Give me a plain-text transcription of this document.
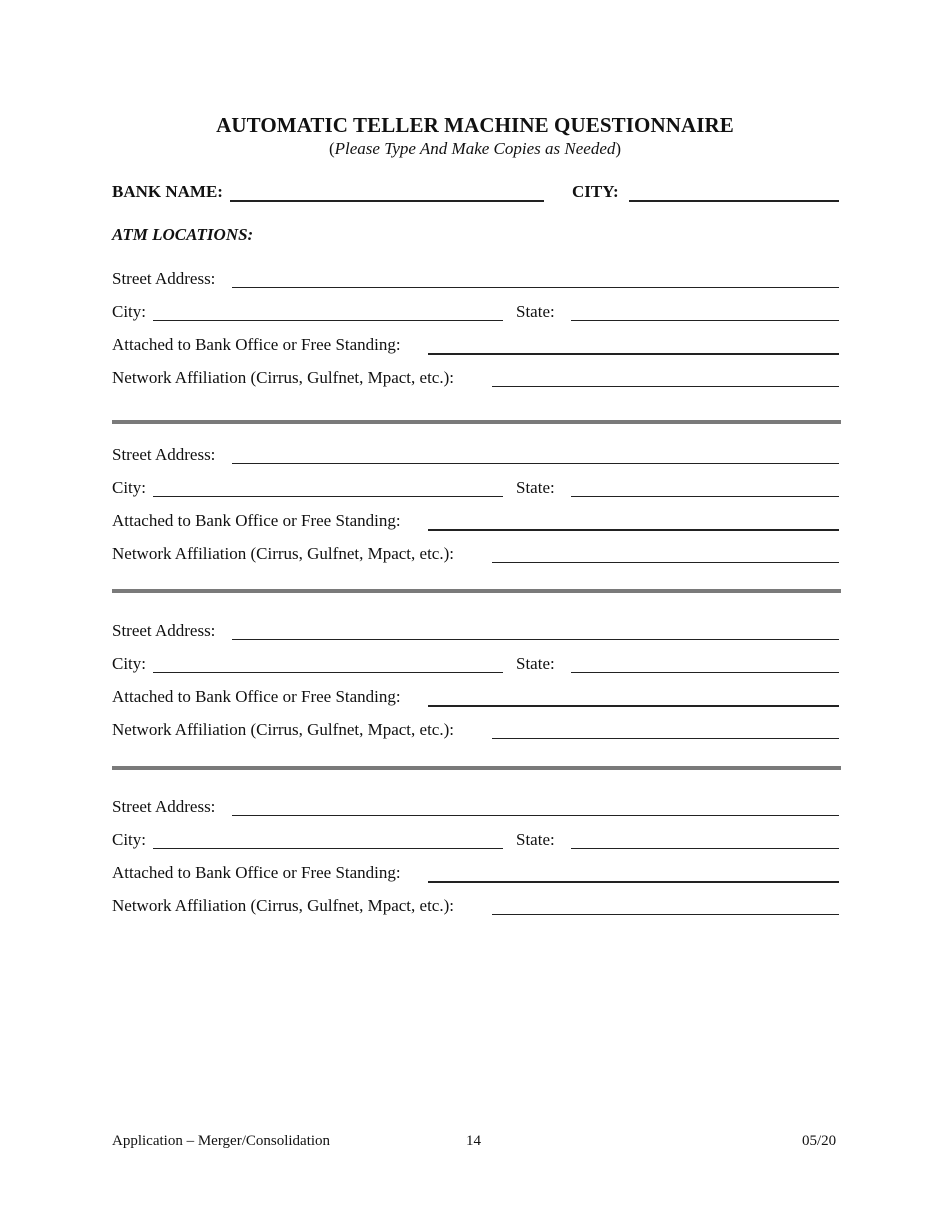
AUTOMATIC TELLER MACHINE QUESTIONNAIRE
(Please Type And Make Copies as Needed)
BANK NAME:	CITY:
ATM LOCATIONS:
Street Address:
City:	State:
Attached to Bank Office or Free Standing:
Network Affiliation (Cirrus, Gulfnet, Mpact, etc.):
Street Address:
City:	State:
Attached to Bank Office or Free Standing:
Network Affiliation (Cirrus, Gulfnet, Mpact, etc.):
Street Address:
City:	State:
Attached to Bank Office or Free Standing:
Network Affiliation (Cirrus, Gulfnet, Mpact, etc.):
Street Address:
City:	State:
Attached to Bank Office or Free Standing:
Network Affiliation (Cirrus, Gulfnet, Mpact, etc.):
Application – Merger/Consolidation	14	05/20
